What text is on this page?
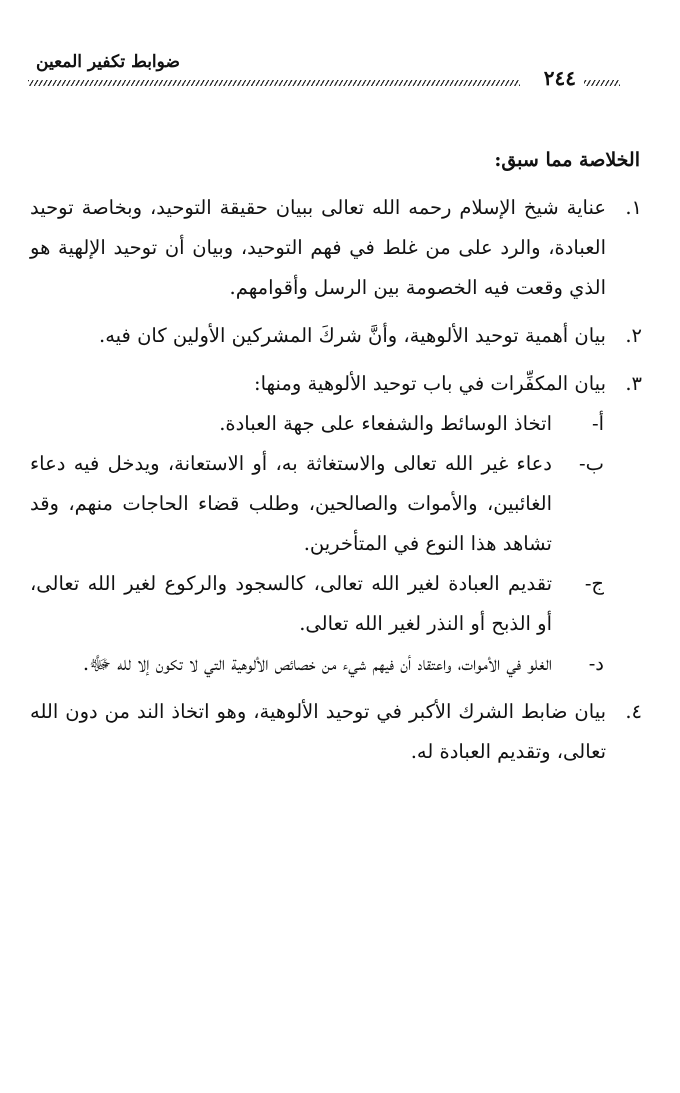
ضوابط تكفير المعين
٢٤٤
الخلاصة مما سبق:
١.
عناية شيخ الإسلام رحمه الله تعالى ببيان حقيقة التوحيد، وبخاصة توحيد العبادة، والرد على من غلط في فهم التوحيد، وبيان أن توحيد الإلهية هو الذي وقعت فيه الخصومة بين الرسل وأقوامهم.
٢.
بيان أهمية توحيد الألوهية، وأنَّ شركَ المشركين الأولين كان فيه.
٣.
بيان المكفِّرات في باب توحيد الألوهية ومنها:
أ-
اتخاذ الوسائط والشفعاء على جهة العبادة.
ب-
دعاء غير الله تعالى والاستغاثة به، أو الاستعانة، ويدخل فيه دعاء الغائبين، والأموات والصالحين، وطلب قضاء الحاجات منهم، وقد تشاهد هذا النوع في المتأخرين.
ج-
تقديم العبادة لغير الله تعالى، كالسجود والركوع لغير الله تعالى، أو الذبح أو النذر لغير الله تعالى.
د-
الغلو في الأموات، واعتقاد أن فيهم شيء من خصائص الألوهية التي لا تكون إلا لله ﷻ.
٤.
بيان ضابط الشرك الأكبر في توحيد الألوهية، وهو اتخاذ الند من دون الله تعالى، وتقديم العبادة له.
